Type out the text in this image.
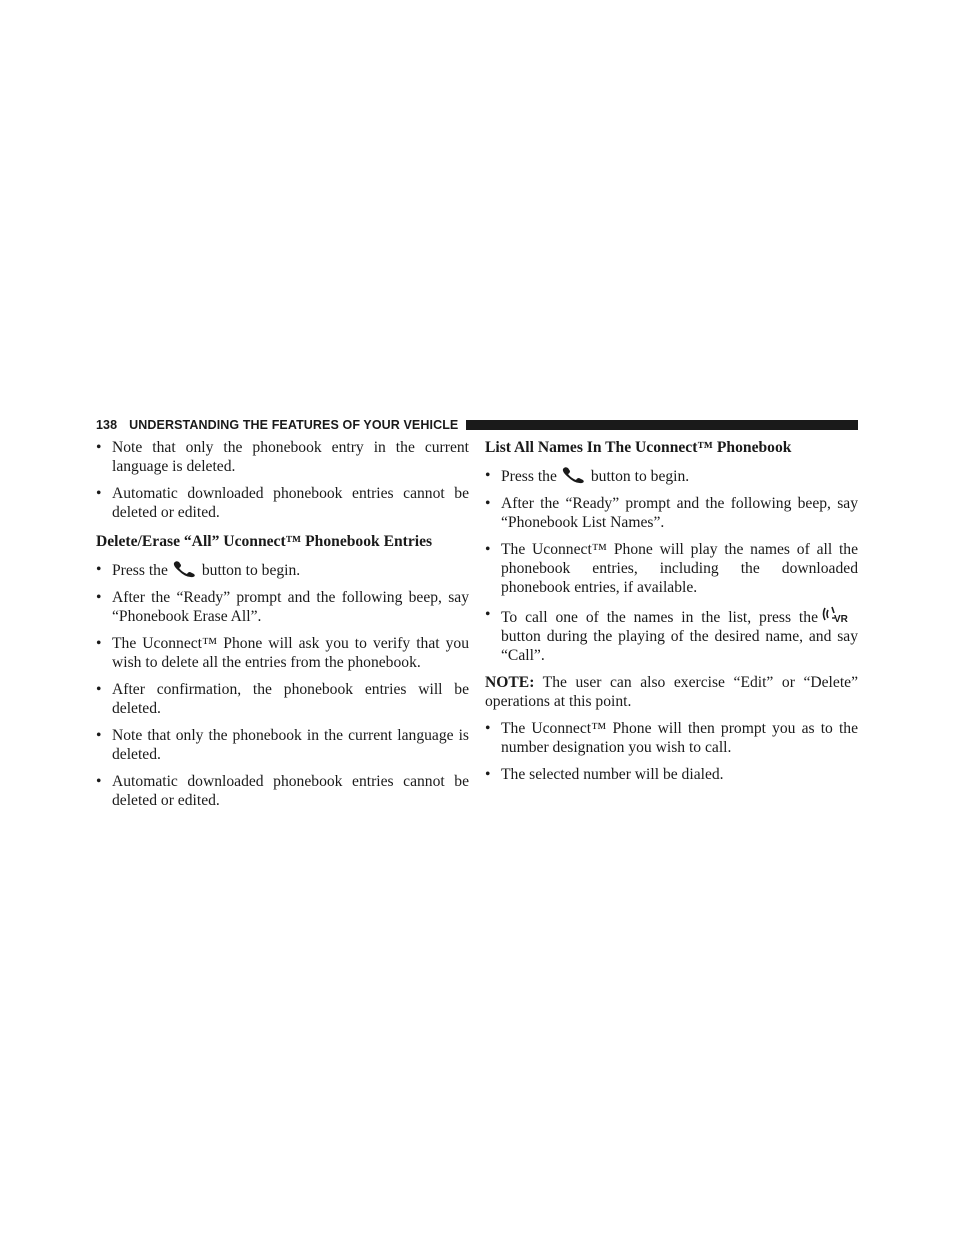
138 UNDERSTANDING THE FEATURES OF YOUR VEHICLE
• Note that only the phonebook entry in the current language is deleted.
• Automatic downloaded phonebook entries cannot be deleted or edited.
Delete/Erase “All” Uconnect™ Phonebook Entries
• Press the button to begin.
• After the “Ready” prompt and the following beep, say “Phonebook Erase All”.
• The Uconnect™ Phone will ask you to verify that you wish to delete all the entries from the phonebook.
• After confirmation, the phonebook entries will be deleted.
• Note that only the phonebook in the current language is deleted.
• Automatic downloaded phonebook entries cannot be deleted or edited.
List All Names In The Uconnect™ Phonebook
• Press the button to begin.
• After the “Ready” prompt and the following beep, say “Phonebook List Names”.
• The Uconnect™ Phone will play the names of all the phonebook entries, including the downloaded phonebook entries, if available.
• To call one of the names in the list, press the VR
button during the playing of the desired name, and say “Call”.

NOTE: The user can also exercise “Edit” or “Delete” operations at this point.

• The Uconnect™ Phone will then prompt you as to the number designation you wish to call.
• The selected number will be dialed.
